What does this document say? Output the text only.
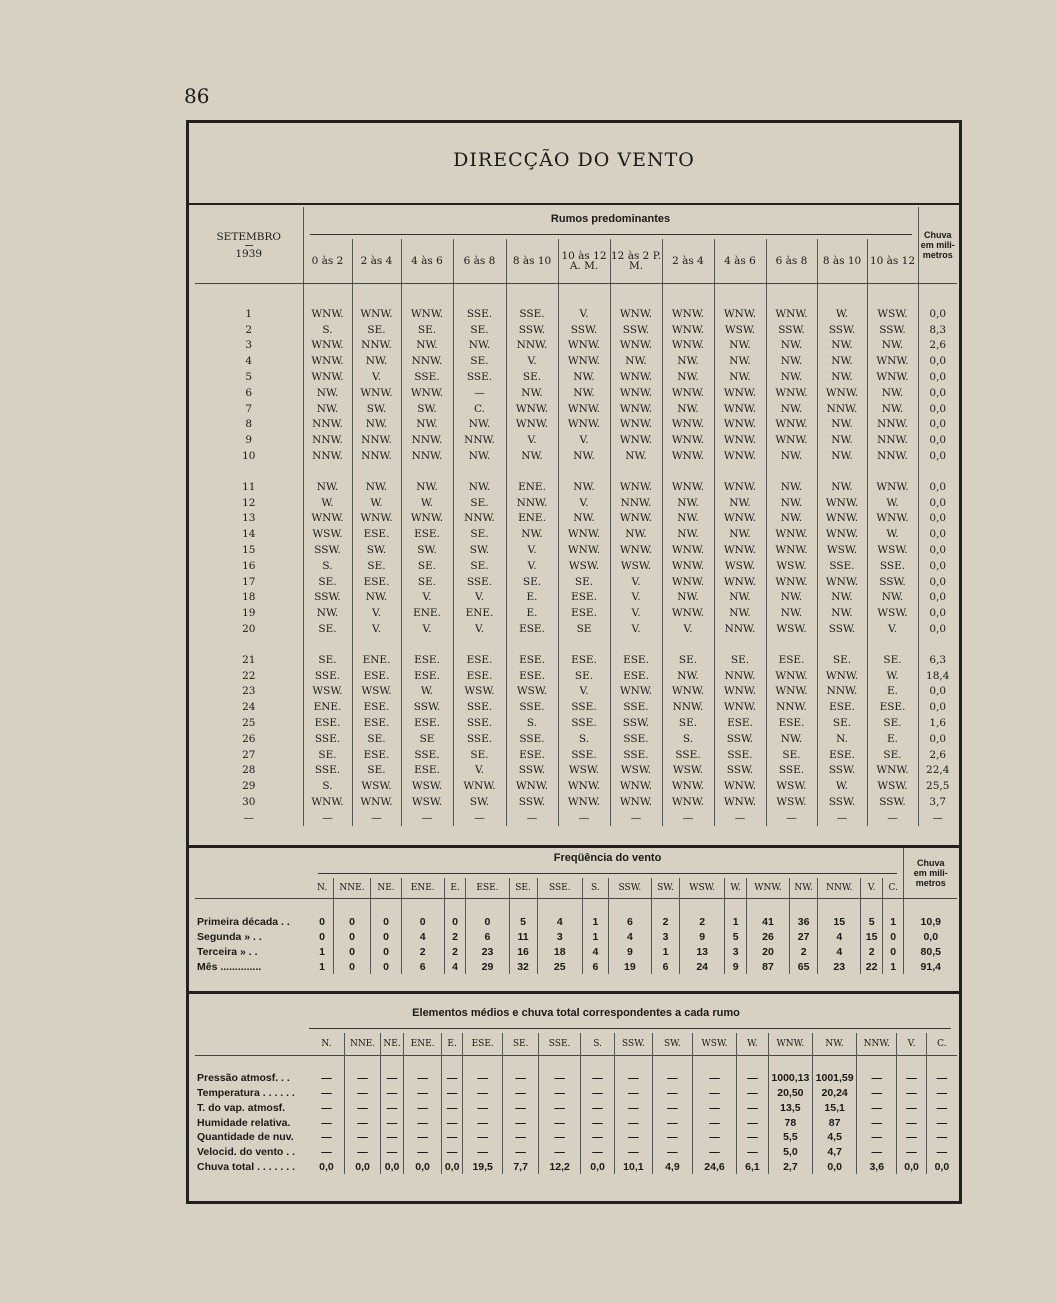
86
DIRECÇÃO DO VENTO
SETEMBRO
1939	Rumos predominantes												Chuva em mili- metros

	0 às 2	2 às 4	4 às 6	6 às 8	8 às 10	10 às 12 A. M.	12 às 2 P. M.	2 às 4	4 às 6	6 às 8	8 às 10	10 às 12	

1	WNW.	WNW.	WNW.	SSE.	SSE.	V.	WNW.	WNW.	WNW.	WNW.	W.	WSW.	0,0
2	S.	SE.	SE.	SE.	SSW.	SSW.	SSW.	WNW.	WSW.	SSW.	SSW.	SSW.	8,3
3	WNW.	NNW.	NW.	NW.	NNW.	WNW.	WNW.	WNW.	NW.	NW.	NW.	NW.	2,6
4	WNW.	NW.	NNW.	SE.	V.	WNW.	NW.	NW.	NW.	NW.	NW.	WNW.	0,0
5	WNW.	V.	SSE.	SSE.	SE.	NW.	WNW.	NW.	NW.	NW.	NW.	WNW.	0,0
6	NW.	WNW.	WNW.	—	NW.	NW.	WNW.	WNW.	WNW.	WNW.	WNW.	NW.	0,0
7	NW.	SW.	SW.	C.	WNW.	WNW.	WNW.	NW.	WNW.	NW.	NNW.	NW.	0,0
8	NNW.	NW.	NW.	NW.	WNW.	WNW.	WNW.	WNW.	WNW.	WNW.	NW.	NNW.	0,0
9	NNW.	NNW.	NNW.	NNW.	V.	V.	WNW.	WNW.	WNW.	WNW.	NW.	NNW.	0,0
10	NNW.	NNW.	NNW.	NW.	NW.	NW.	NW.	WNW.	WNW.	NW.	NW.	NNW.	0,0

11	NW.	NW.	NW.	NW.	ENE.	NW.	WNW.	WNW.	WNW.	NW.	NW.	WNW.	0,0
12	W.	W.	W.	SE.	NNW.	V.	NNW.	NW.	NW.	NW.	WNW.	W.	0,0
13	WNW.	WNW.	WNW.	NNW.	ENE.	NW.	WNW.	NW.	WNW.	NW.	WNW.	WNW.	0,0
14	WSW.	ESE.	ESE.	SE.	NW.	WNW.	NW.	NW.	NW.	WNW.	WNW.	W.	0,0
15	SSW.	SW.	SW.	SW.	V.	WNW.	WNW.	WNW.	WNW.	WNW.	WSW.	WSW.	0,0
16	S.	SE.	SE.	SE.	V.	WSW.	WSW.	WNW.	WSW.	WSW.	SSE.	SSE.	0,0
17	SE.	ESE.	SE.	SSE.	SE.	SE.	V.	WNW.	WNW.	WNW.	WNW.	SSW.	0,0
18	SSW.	NW.	V.	V.	E.	ESE.	V.	NW.	NW.	NW.	NW.	NW.	0,0
19	NW.	V.	ENE.	ENE.	E.	ESE.	V.	WNW.	NW.	NW.	NW.	WSW.	0,0
20	SE.	V.	V.	V.	ESE.	SE	V.	V.	NNW.	WSW.	SSW.	V.	0,0

21	SE.	ENE.	ESE.	ESE.	ESE.	ESE.	ESE.	SE.	SE.	ESE.	SE.	SE.	6,3
22	SSE.	ESE.	ESE.	ESE.	ESE.	SE.	ESE.	NW.	NNW.	WNW.	WNW.	W.	18,4
23	WSW.	WSW.	W.	WSW.	WSW.	V.	WNW.	WNW.	WNW.	WNW.	NNW.	E.	0,0
24	ENE.	ESE.	SSW.	SSE.	SSE.	SSE.	SSE.	NNW.	WNW.	NNW.	ESE.	ESE.	0,0
25	ESE.	ESE.	ESE.	SSE.	S.	SSE.	SSW.	SE.	ESE.	ESE.	SE.	SE.	1,6
26	SSE.	SE.	SE	SSE.	SSE.	S.	SSE.	S.	SSW.	NW.	N.	E.	0,0
27	SE.	ESE.	SSE.	SE.	ESE.	SSE.	SSE.	SSE.	SSE.	SE.	ESE.	SE.	2,6
28	SSE.	SE.	ESE.	V.	SSW.	WSW.	WSW.	WSW.	SSW.	SSE.	SSW.	WNW.	22,4
29	S.	WSW.	WSW.	WNW.	WNW.	WNW.	WNW.	WNW.	WNW.	WSW.	W.	WSW.	25,5
30	WNW.	WNW.	WSW.	SW.	SSW.	WNW.	WNW.	WNW.	WNW.	WSW.	SSW.	SSW.	3,7
—	—	—	—	—	—	—	—	—	—	—	—	—	—

	Freqüência do vento																		Chuva em mili- metros

	N.	NNE.	NE.	ENE.	E.	ESE.	SE.	SSE.	S.	SSW.	SW.	WSW.	W.	WNW.	NW.	NNW.	V.	C.	

Primeira década . .	0	0	0	0	0	0	5	4	1	6	2	2	1	41	36	15	5	1	10,9
Segunda » . .	0	0	0	4	2	6	11	3	1	4	3	9	5	26	27	4	15	0	0,0
Terceira » . .	1	0	0	2	2	23	16	18	4	9	1	13	3	20	2	4	2	0	80,5
Mês ..............	1	0	0	6	4	29	32	25	6	19	6	24	9	87	65	23	22	1	91,4
Elementos médios e chuva total correspondentes a cada rumo																		

	N.	NNE.	NE.	ENE.	E.	ESE.	SE.	SSE.	S.	SSW.	SW.	WSW.	W.	WNW.	NW.	NNW.	V.	C.

Pressão atmosf. . .	—	—	—	—	—	—	—	—	—	—	—	—	—	1000,13	1001,59	—	—	—
Temperatura . . . . . .	—	—	—	—	—	—	—	—	—	—	—	—	—	20,50	20,24	—	—	—
T. do vap. atmosf.	—	—	—	—	—	—	—	—	—	—	—	—	—	13,5	15,1	—	—	—
Humidade relativa.	—	—	—	—	—	—	—	—	—	—	—	—	—	78	87	—	—	—
Quantidade de nuv.	—	—	—	—	—	—	—	—	—	—	—	—	—	5,5	4,5	—	—	—
Velocid. do vento . .	—	—	—	—	—	—	—	—	—	—	—	—	—	5,0	4,7	—	—	—
Chuva total . . . . . . .	0,0	0,0	0,0	0,0	0,0	19,5	7,7	12,2	0,0	10,1	4,9	24,6	6,1	2,7	0,0	3,6	0,0	0,0
